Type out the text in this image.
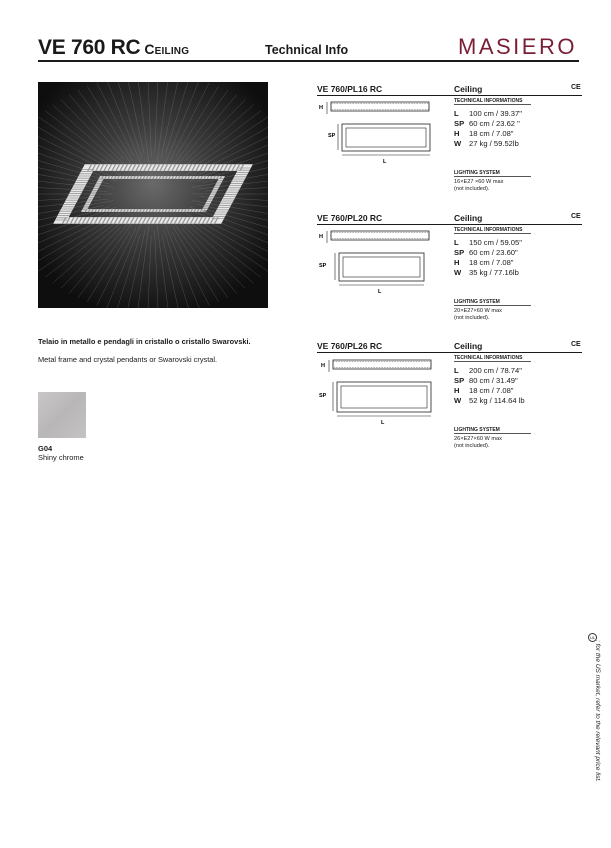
VE 760 RC Ceiling	Technical Info	MASIERO
Telaio in metallo e pendagli in cristallo o cristallo Swarovski.
Metal frame and crystal pendants or Swarovski crystal.
G04
Shiny chrome
VE 760/PL16 RC	Ceiling	CE
H
SP
L
TECHNICAL INFORMATIONS
L 100 cm / 39.37"
SP 60 cm / 23.62 "
H 18 cm / 7.08"
W 27 kg / 59.52lb
LIGHTING SYSTEM
16×E27 ×60 W max
(not included).
VE 760/PL20 RC	Ceiling	CE
H
SP
L
TECHNICAL INFORMATIONS
L 150 cm / 59.05"
SP 60 cm / 23.60"
H 18 cm / 7.08"
W 35 kg / 77.16lb
LIGHTING SYSTEM
20×E27×60 W max
(not included).
VE 760/PL26 RC	Ceiling	CE
H
SP
L
TECHNICAL INFORMATIONS
L 200 cm / 78.74"
SP 80 cm / 31.49"
H 18 cm / 7.08"
W 52 kg / 114.64 lb
LIGHTING SYSTEM
26×E27×60 W max
(not included).
UL
: for the US market, refer to the relevant price list.
